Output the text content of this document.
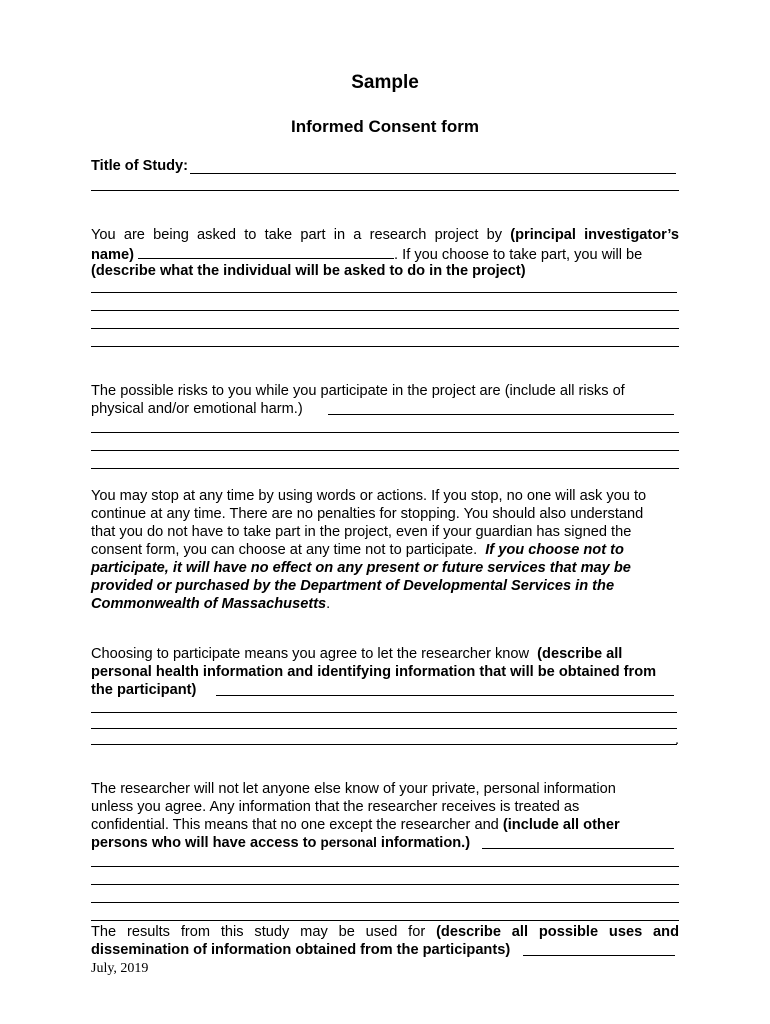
Sample
Informed Consent form
Title of Study:
You are being asked to take part in a research project by (principal investigator’s
name)	. If you choose to take part, you will be
(describe what the individual will be asked to do in the project)
The possible risks to you while you participate in the project are (include all risks of
physical and/or emotional harm.)
You may stop at any time by using words or actions. If you stop, no one will ask you to
continue at any time. There are no penalties for stopping. You should also understand
that you do not have to take part in the project, even if your guardian has signed the
consent form, you can choose at any time not to participate. If you choose not to
participate, it will have no effect on any present or future services that may be
provided or purchased by the Department of Developmental Services in the
Commonwealth of Massachusetts.
Choosing to participate means you agree to let the researcher know (describe all
personal health information and identifying information that will be obtained from
the participant)
.
The researcher will not let anyone else know of your private, personal information
unless you agree. Any information that the researcher receives is treated as
confidential. This means that no one except the researcher and (include all other
persons who will have access to personal information.)
The results from this study may be used for (describe all possible uses and
dissemination of information obtained from the participants)
July, 2019
